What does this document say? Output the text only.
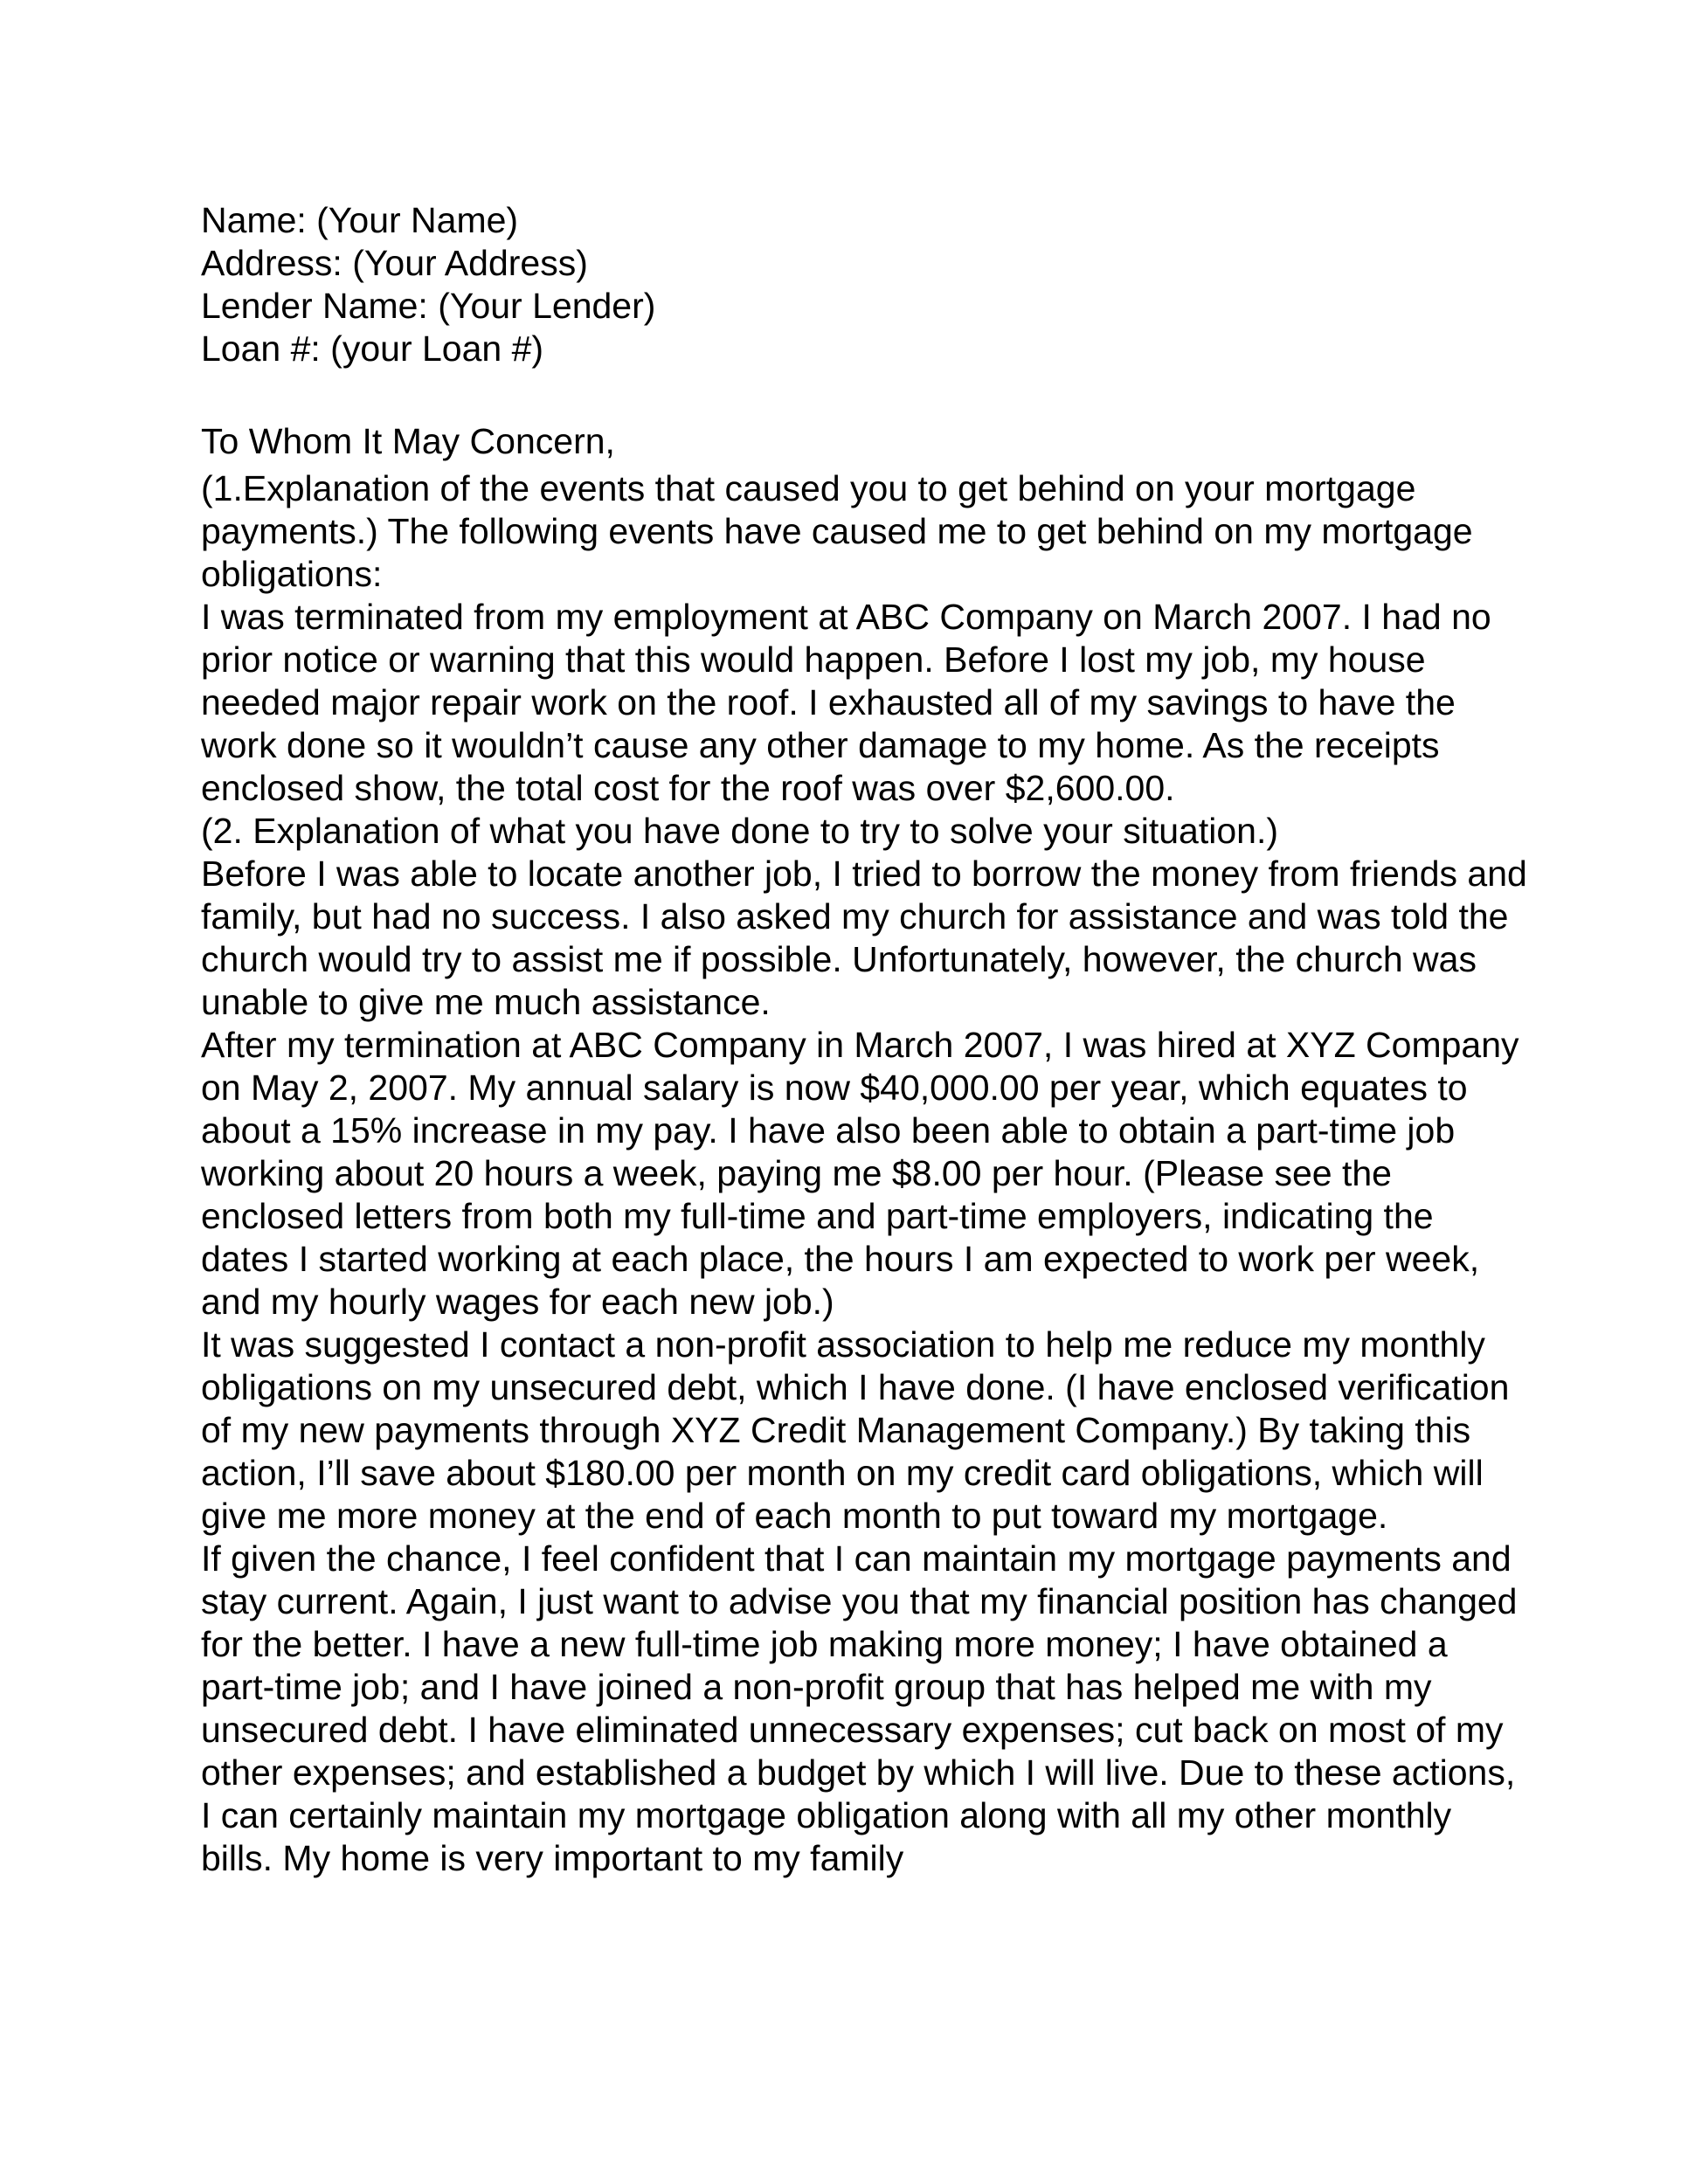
Name: (Your Name)
Address: (Your Address)
Lender Name: (Your Lender)
Loan #: (your Loan #)
To Whom It May Concern,

(1.Explanation of the events that caused you to get behind on your mortgage payments.) The following events have caused me to get behind on my mortgage obligations:

I was terminated from my employment at ABC Company on March 2007. I had no prior notice or warning that this would happen. Before I lost my job, my house needed major repair work on the roof. I exhausted all of my savings to have the work done so it wouldn’t cause any other damage to my home. As the receipts enclosed show, the total cost for the roof was over $2,600.00.

(2. Explanation of what you have done to try to solve your situation.)

Before I was able to locate another job, I tried to borrow the money from friends and family, but had no success. I also asked my church for assistance and was told the church would try to assist me if possible. Unfortunately, however, the church was unable to give me much assistance.

After my termination at ABC Company in March 2007, I was hired at XYZ Company on May 2, 2007. My annual salary is now $40,000.00 per year, which equates to about a 15% increase in my pay. I have also been able to obtain a part-time job working about 20 hours a week, paying me $8.00 per hour. (Please see the enclosed letters from both my full-time and part-time employers, indicating the dates I started working at each place, the hours I am expected to work per week, and my hourly wages for each new job.)

It was suggested I contact a non-profit association to help me reduce my monthly obligations on my unsecured debt, which I have done. (I have enclosed verification of my new payments through XYZ Credit Management Company.) By taking this action, I’ll save about $180.00 per month on my credit card obligations, which will give me more money at the end of each month to put toward my mortgage.

If given the chance, I feel confident that I can maintain my mortgage payments and stay current. Again, I just want to advise you that my financial position has changed for the better. I have a new full-time job making more money; I have obtained a part-time job; and I have joined a non-profit group that has helped me with my unsecured debt. I have eliminated unnecessary expenses; cut back on most of my other expenses; and established a budget by which I will live. Due to these actions, I can certainly maintain my mortgage obligation along with all my other monthly bills. My home is very important to my family
